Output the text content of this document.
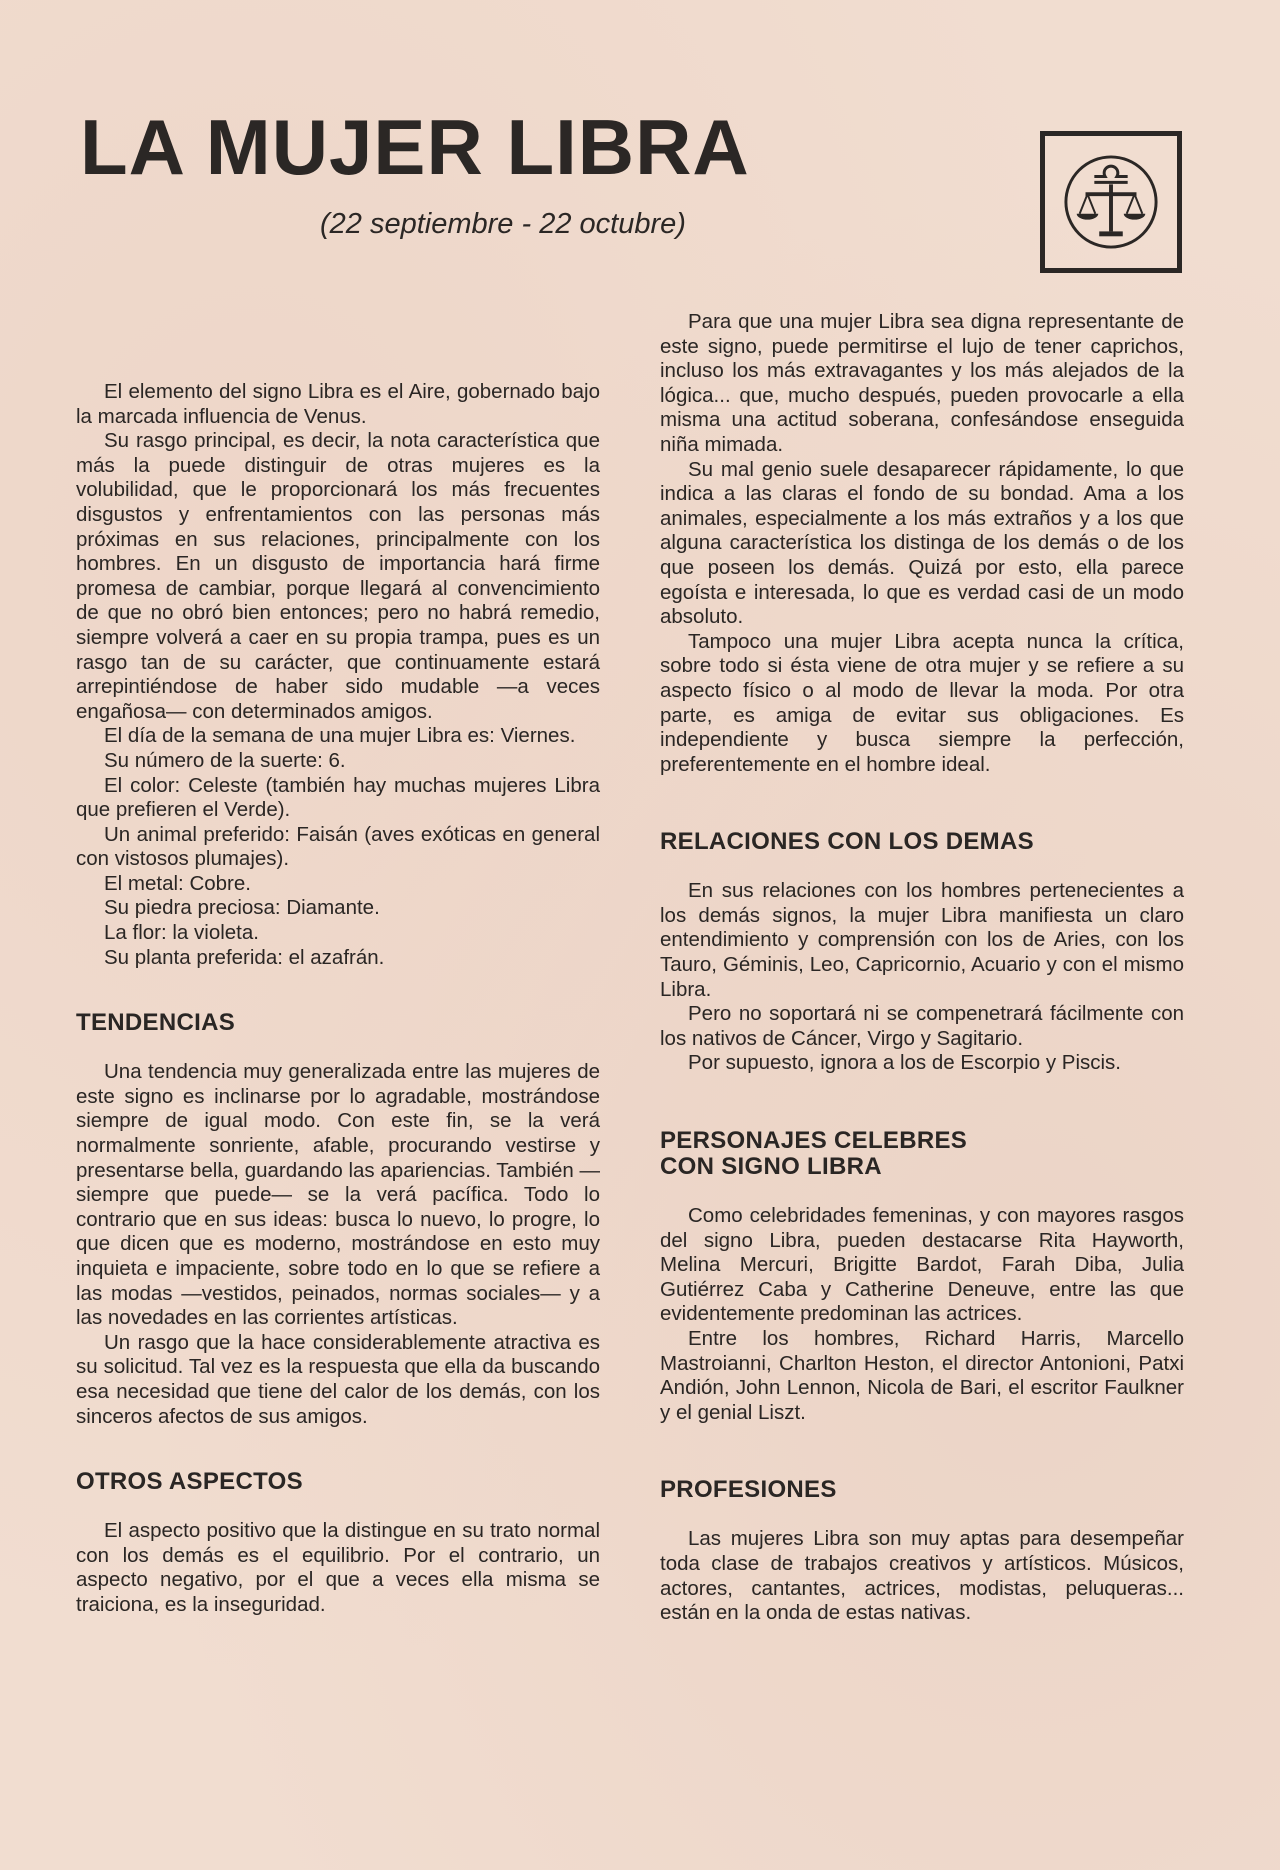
LA MUJER LIBRA
(22 septiembre - 22 octubre)

El elemento del signo Libra es el Aire, gobernado bajo la marcada influencia de Venus.

Su rasgo principal, es decir, la nota característica que más la puede distinguir de otras mujeres es la volubilidad, que le proporcionará los más frecuentes disgustos y enfrentamientos con las personas más próximas en sus relaciones, principalmente con los hombres. En un disgusto de importancia hará firme promesa de cambiar, porque llegará al convencimiento de que no obró bien entonces; pero no habrá remedio, siempre volverá a caer en su propia trampa, pues es un rasgo tan de su carácter, que continuamente estará arrepintiéndose de haber sido mudable —a veces engañosa— con determinados amigos.

El día de la semana de una mujer Libra es: Viernes.

Su número de la suerte: 6.

El color: Celeste (también hay muchas mujeres Libra que prefieren el Verde).

Un animal preferido: Faisán (aves exóticas en general con vistosos plumajes).

El metal: Cobre.

Su piedra preciosa: Diamante.

La flor: la violeta.

Su planta preferida: el azafrán.

TENDENCIAS

Una tendencia muy generalizada entre las mujeres de este signo es inclinarse por lo agradable, mostrándose siempre de igual modo. Con este fin, se la verá normalmente sonriente, afable, procurando vestirse y presentarse bella, guardando las apariencias. También —siempre que puede— se la verá pacífica. Todo lo contrario que en sus ideas: busca lo nuevo, lo progre, lo que dicen que es moderno, mostrándose en esto muy inquieta e impaciente, sobre todo en lo que se refiere a las modas —vestidos, peinados, normas sociales— y a las novedades en las corrientes artísticas.

Un rasgo que la hace considerablemente atractiva es su solicitud. Tal vez es la respuesta que ella da buscando esa necesidad que tiene del calor de los demás, con los sinceros afectos de sus amigos.

OTROS ASPECTOS

El aspecto positivo que la distingue en su trato normal con los demás es el equilibrio. Por el contrario, un aspecto negativo, por el que a veces ella misma se traiciona, es la inseguridad.

Para que una mujer Libra sea digna representante de este signo, puede permitirse el lujo de tener caprichos, incluso los más extravagantes y los más alejados de la lógica... que, mucho después, pueden provocarle a ella misma una actitud soberana, confesándose enseguida niña mimada.

Su mal genio suele desaparecer rápidamente, lo que indica a las claras el fondo de su bondad. Ama a los animales, especialmente a los más extraños y a los que alguna característica los distinga de los demás o de los que poseen los demás. Quizá por esto, ella parece egoísta e interesada, lo que es verdad casi de un modo absoluto.

Tampoco una mujer Libra acepta nunca la crítica, sobre todo si ésta viene de otra mujer y se refiere a su aspecto físico o al modo de llevar la moda. Por otra parte, es amiga de evitar sus obligaciones. Es independiente y busca siempre la perfección, preferentemente en el hombre ideal.

RELACIONES CON LOS DEMAS

En sus relaciones con los hombres pertenecientes a los demás signos, la mujer Libra manifiesta un claro entendimiento y comprensión con los de Aries, con los Tauro, Géminis, Leo, Capricornio, Acuario y con el mismo Libra.

Pero no soportará ni se compenetrará fácilmente con los nativos de Cáncer, Virgo y Sagitario.

Por supuesto, ignora a los de Escorpio y Piscis.

PERSONAJES CELEBRES
CON SIGNO LIBRA

Como celebridades femeninas, y con mayores rasgos del signo Libra, pueden destacarse Rita Hayworth, Melina Mercuri, Brigitte Bardot, Farah Diba, Julia Gutiérrez Caba y Catherine Deneuve, entre las que evidentemente predominan las actrices.

Entre los hombres, Richard Harris, Marcello Mastroianni, Charlton Heston, el director Antonioni, Patxi Andión, John Lennon, Nicola de Bari, el escritor Faulkner y el genial Liszt.

PROFESIONES

Las mujeres Libra son muy aptas para desempeñar toda clase de trabajos creativos y artísticos. Músicos, actores, cantantes, actrices, modistas, peluqueras... están en la onda de estas nativas.
